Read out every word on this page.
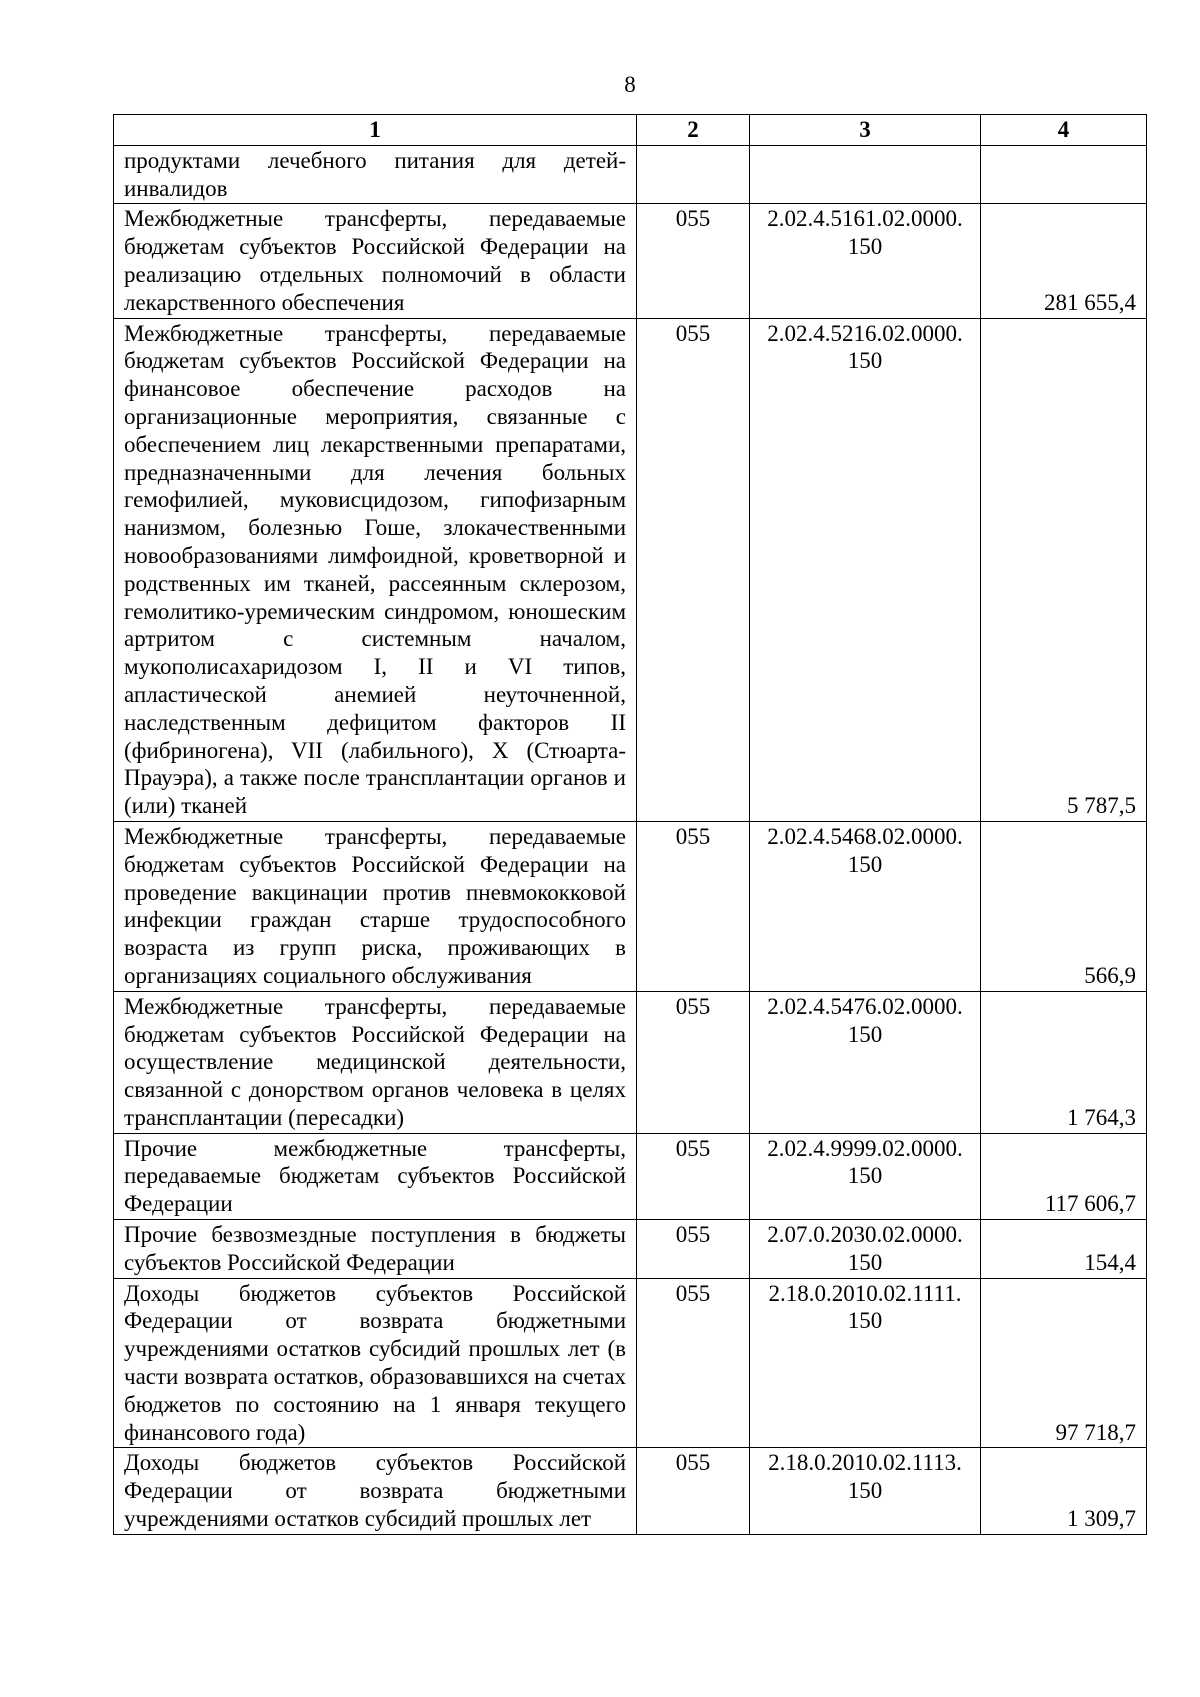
8
1	2	3	4
продуктами лечебного питания для детей-инвалидов			
Межбюджетные трансферты, передаваемые бюджетам субъектов Российской Федерации на реализацию отдельных полномочий в области лекарственного обеспечения	055	2.02.4.5161.02.0000. 150	281 655,4
Межбюджетные трансферты, передаваемые бюджетам субъектов Российской Федерации на финансовое обеспечение расходов на организационные мероприятия, связанные с обеспечением лиц лекарственными препаратами, предназначенными для лечения больных гемофилией, муковисцидозом, гипофизарным нанизмом, болезнью Гоше, злокачественными новообразованиями лимфоидной, кроветворной и родственных им тканей, рассеянным склерозом, гемолитико-уремическим синдромом, юношеским артритом с системным началом, мукополисахаридозом I, II и VI типов, апластической анемией неуточненной, наследственным дефицитом факторов II (фибриногена), VII (лабильного), X (Стюарта-Прауэра), а также после трансплантации органов и (или) тканей	055	2.02.4.5216.02.0000. 150	5 787,5
Межбюджетные трансферты, передаваемые бюджетам субъектов Российской Федерации на проведение вакцинации против пневмококковой инфекции граждан старше трудоспособного возраста из групп риска, проживающих в организациях социального обслуживания	055	2.02.4.5468.02.0000. 150	566,9
Межбюджетные трансферты, передаваемые бюджетам субъектов Российской Федерации на осуществление медицинской деятельности, связанной с донорством органов человека в целях трансплантации (пересадки)	055	2.02.4.5476.02.0000. 150	1 764,3
Прочие межбюджетные трансферты, передаваемые бюджетам субъектов Российской Федерации	055	2.02.4.9999.02.0000. 150	117 606,7
Прочие безвозмездные поступления в бюджеты субъектов Российской Федерации	055	2.07.0.2030.02.0000. 150	154,4
Доходы бюджетов субъектов Российской Федерации от возврата бюджетными учреждениями остатков субсидий прошлых лет (в части возврата остатков, образовавшихся на счетах бюджетов по состоянию на 1 января текущего финансового года)	055	2.18.0.2010.02.1111. 150	97 718,7
Доходы бюджетов субъектов Российской Федерации от возврата бюджетными учреждениями остатков субсидий прошлых лет	055	2.18.0.2010.02.1113. 150	1 309,7
